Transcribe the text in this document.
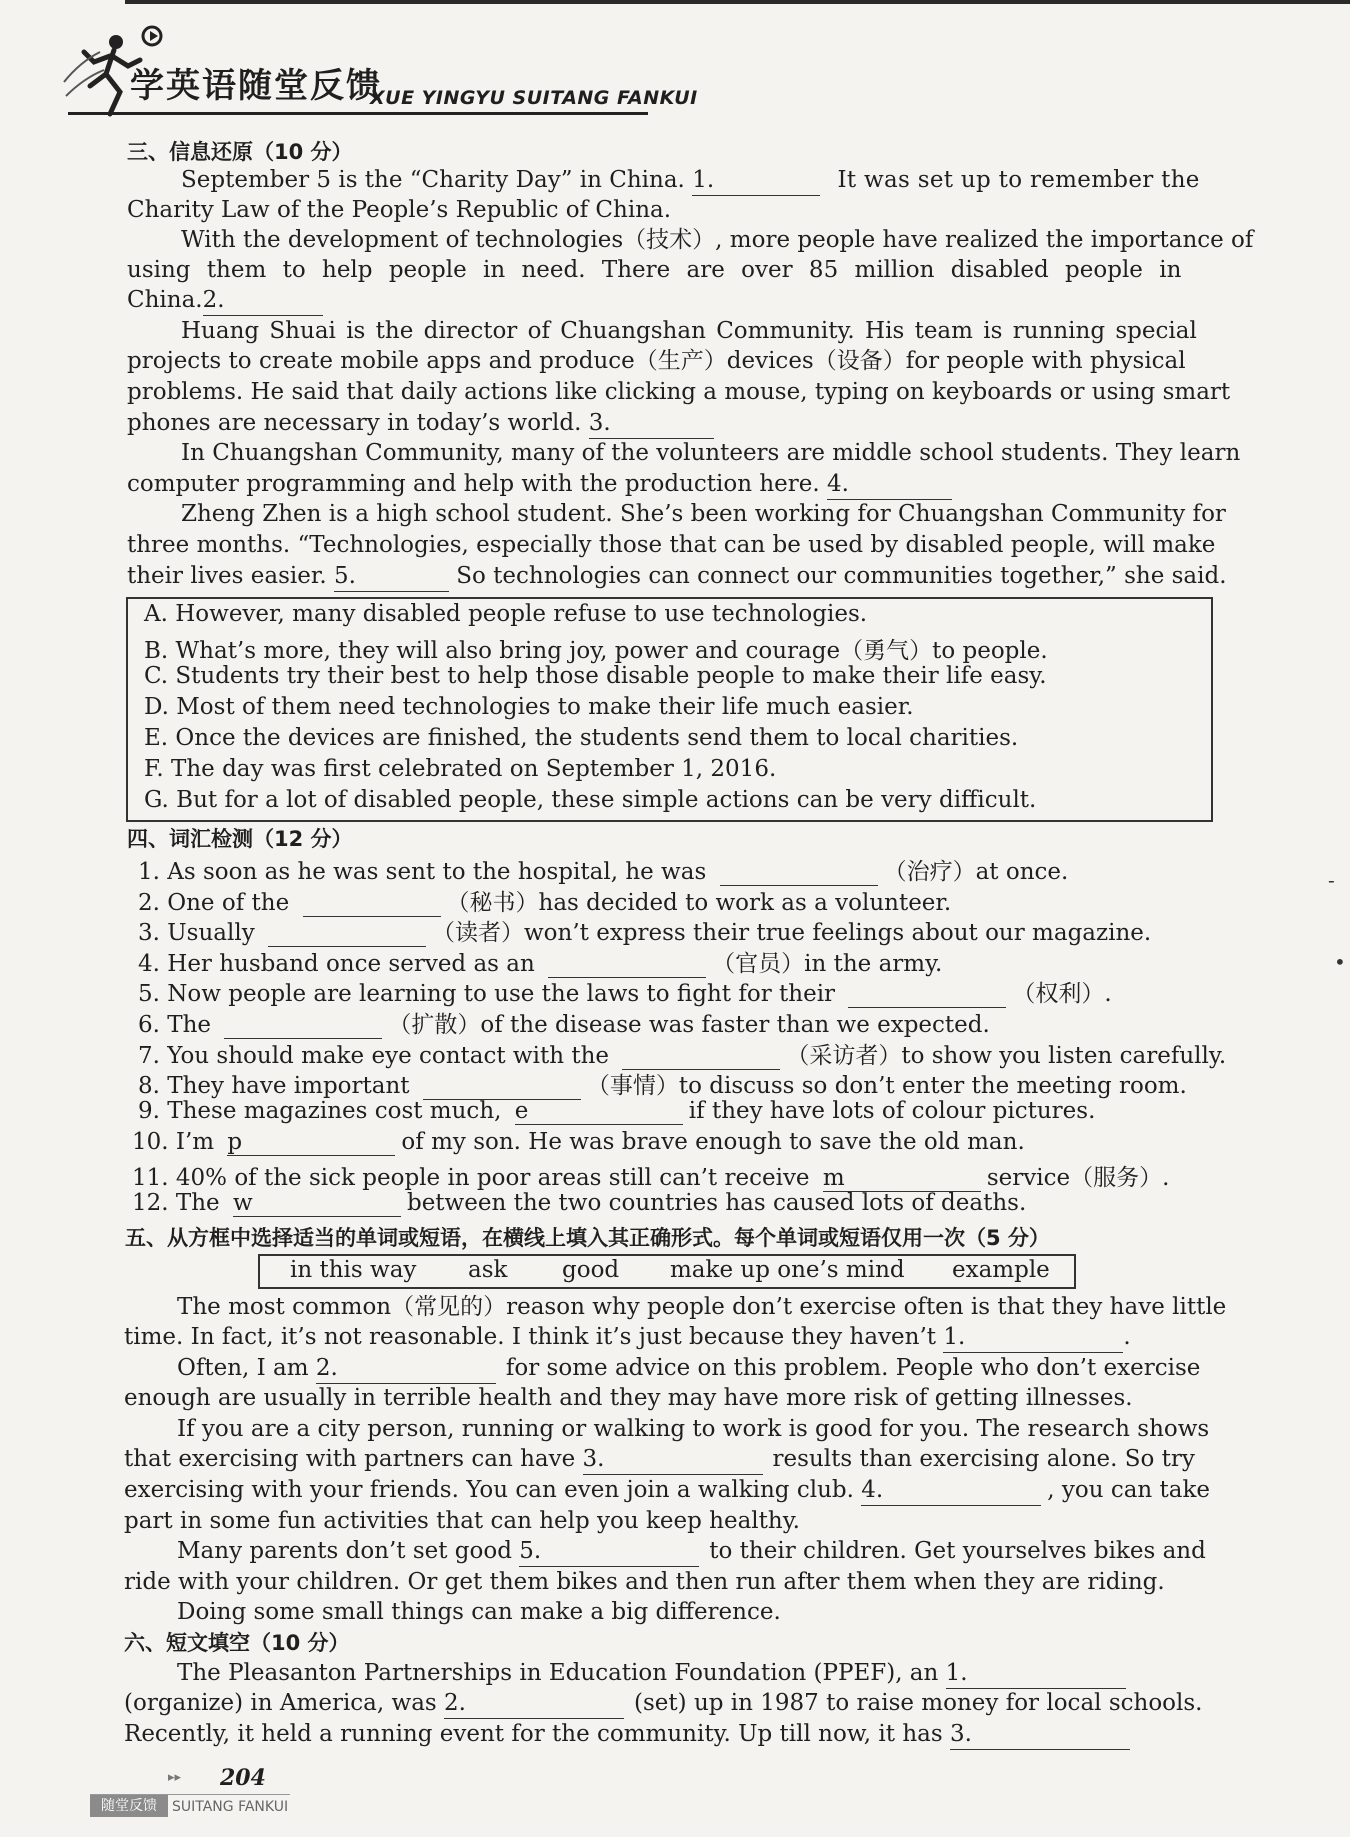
学英语随堂反馈
XUE YINGYU SUITANG FANKUI
三、信息还原（10 分）
September 5 is the “Charity Day” in China. 1.	It was set up to remember the
Charity Law of the People’s Republic of China.
With the development of technologies（技术）, more people have realized the importance of
using them to help people in need. There are over 85 million disabled people in
China.2.
Huang Shuai is the director of Chuangshan Community. His team is running special
projects to create mobile apps and produce（生产）devices（设备）for people with physical
problems. He said that daily actions like clicking a mouse, typing on keyboards or using smart
phones are necessary in today’s world. 3.
In Chuangshan Community, many of the volunteers are middle school students. They learn
computer programming and help with the production here. 4.
Zheng Zhen is a high school student. She’s been working for Chuangshan Community for
three months. “Technologies, especially those that can be used by disabled people, will make
their lives easier. 5.	So technologies can connect our communities together,” she said.
A. However, many disabled people refuse to use technologies.
B. What’s more, they will also bring joy, power and courage（勇气）to people.
C. Students try their best to help those disable people to make their life easy.
D. Most of them need technologies to make their life much easier.
E. Once the devices are finished, the students send them to local charities.
F. The day was first celebrated on September 1, 2016.
G. But for a lot of disabled people, these simple actions can be very difficult.
四、词汇检测（12 分）
1. As soon as he was sent to the hospital, he was	（治疗）at once.
2. One of the	（秘书）has decided to work as a volunteer.
3. Usually	（读者）won’t express their true feelings about our magazine.
4. Her husband once served as an	（官员）in the army.
5. Now people are learning to use the laws to fight for their	（权利）.
6. The	（扩散）of the disease was faster than we expected.
7. You should make eye contact with the	（采访者）to show you listen carefully.
8. They have important	（事情）to discuss so don’t enter the meeting room.
9. These magazines cost much, e	if they have lots of colour pictures.
10. I’m p	of my son. He was brave enough to save the old man.
11. 40% of the sick people in poor areas still can’t receive m	service（服务）.
12. The w	between the two countries has caused lots of deaths.
五、从方框中选择适当的单词或短语，在横线上填入其正确形式。每个单词或短语仅用一次（5 分）
in this way ask good make up one’s mind example
The most common（常见的）reason why people don’t exercise often is that they have little
time. In fact, it’s not reasonable. I think it’s just because they haven’t 1.	.
Often, I am 2.	for some advice on this problem. People who don’t exercise
enough are usually in terrible health and they may have more risk of getting illnesses.
If you are a city person, running or walking to work is good for you. The research shows
that exercising with partners can have 3.	results than exercising alone. So try
exercising with your friends. You can even join a walking club. 4.	, you can take
part in some fun activities that can help you keep healthy.
Many parents don’t set good 5.	to their children. Get yourselves bikes and
ride with your children. Or get them bikes and then run after them when they are riding.
Doing some small things can make a big difference.
六、短文填空（10 分）
The Pleasanton Partnerships in Education Foundation (PPEF), an 1.
(organize) in America, was 2.	(set) up in 1987 to raise money for local schools.
Recently, it held a running event for the community. Up till now, it has 3.
-
•
▸▸ 204
随堂反馈	SUITANG FANKUI
